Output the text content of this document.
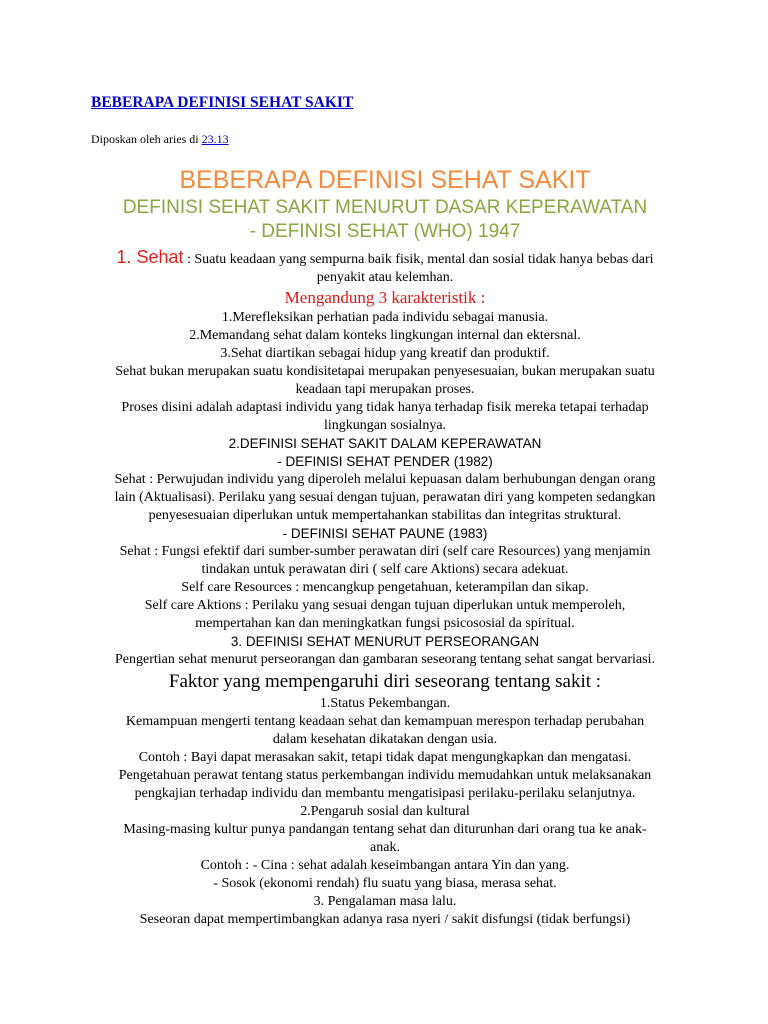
BEBERAPA DEFINISI SEHAT SAKIT
Diposkan oleh aries di 23.13

BEBERAPA DEFINISI SEHAT SAKIT

DEFINISI SEHAT SAKIT MENURUT DASAR KEPERAWATAN

- DEFINISI SEHAT (WHO) 1947

1. Sehat : Suatu keadaan yang sempurna baik fisik, mental dan sosial tidak hanya bebas dari

penyakit atau kelemhan.

Mengandung 3 karakteristik :

1.Merefleksikan perhatian pada individu sebagai manusia.

2.Memandang sehat dalam konteks lingkungan internal dan ektersnal.

3.Sehat diartikan sebagai hidup yang kreatif dan produktif.

Sehat bukan merupakan suatu kondisitetapai merupakan penyesesuaian, bukan merupakan suatu

keadaan tapi merupakan proses.

Proses disini adalah adaptasi individu yang tidak hanya terhadap fisik mereka tetapai terhadap

lingkungan sosialnya.

2.DEFINISI SEHAT SAKIT DALAM KEPERAWATAN

- DEFINISI SEHAT PENDER (1982)

Sehat : Perwujudan individu yang diperoleh melalui kepuasan dalam berhubungan dengan orang

lain (Aktualisasi). Perilaku yang sesuai dengan tujuan, perawatan diri yang kompeten sedangkan

penyesesuaian diperlukan untuk mempertahankan stabilitas dan integritas struktural.

- DEFINISI SEHAT PAUNE (1983)

Sehat : Fungsi efektif dari sumber-sumber perawatan diri (self care Resources) yang menjamin

tindakan untuk perawatan diri ( self care Aktions) secara adekuat.

Self care Resources : mencangkup pengetahuan, keterampilan dan sikap.

Self care Aktions : Perilaku yang sesuai dengan tujuan diperlukan untuk memperoleh,

mempertahan kan dan meningkatkan fungsi psicososial da spiritual.

3. DEFINISI SEHAT MENURUT PERSEORANGAN

Pengertian sehat menurut perseorangan dan gambaran seseorang tentang sehat sangat bervariasi.

Faktor yang mempengaruhi diri seseorang tentang sakit :

1.Status Pekembangan.

Kemampuan mengerti tentang keadaan sehat dan kemampuan merespon terhadap perubahan

dalam kesehatan dikatakan dengan usia.

Contoh : Bayi dapat merasakan sakit, tetapi tidak dapat mengungkapkan dan mengatasi.

Pengetahuan perawat tentang status perkembangan individu memudahkan untuk melaksanakan

pengkajian terhadap individu dan membantu mengatisipasi perilaku-perilaku selanjutnya.

2.Pengaruh sosial dan kultural

Masing-masing kultur punya pandangan tentang sehat dan diturunhan dari orang tua ke anak-

anak.

Contoh : - Cina : sehat adalah keseimbangan antara Yin dan yang.

- Sosok (ekonomi rendah) flu suatu yang biasa, merasa sehat.

3. Pengalaman masa lalu.

Seseoran dapat mempertimbangkan adanya rasa nyeri / sakit disfungsi (tidak berfungsi)
